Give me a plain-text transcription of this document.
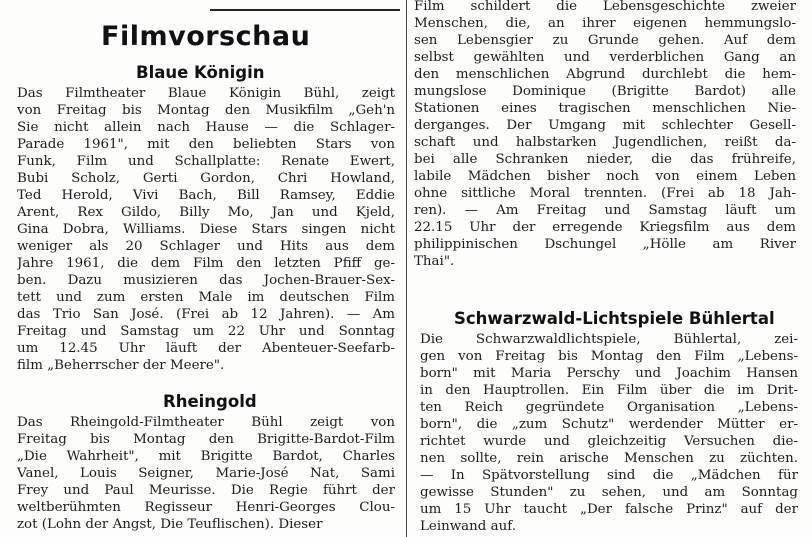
Filmvorschau
Blaue Königin
Das Filmtheater Blaue Königin Bühl, zeigt
von Freitag bis Montag den Musikfilm „Geh'n
Sie nicht allein nach Hause — die Schlager-
Parade 1961", mit den beliebten Stars von
Funk, Film und Schallplatte: Renate Ewert,
Bubi Scholz, Gerti Gordon, Chri Howland,
Ted Herold, Vivi Bach, Bill Ramsey, Eddie
Arent, Rex Gildo, Billy Mo, Jan und Kjeld,
Gina Dobra, Williams. Diese Stars singen nicht
weniger als 20 Schlager und Hits aus dem
Jahre 1961, die dem Film den letzten Pfiff ge-
ben. Dazu musizieren das Jochen-Brauer-Sex-
tett und zum ersten Male im deutschen Film
das Trio San José. (Frei ab 12 Jahren). — Am
Freitag und Samstag um 22 Uhr und Sonntag
um 12.45 Uhr läuft der Abenteuer-Seefarb-
film „Beherrscher der Meere".
Rheingold
Das Rheingold-Filmtheater Bühl zeigt von
Freitag bis Montag den Brigitte-Bardot-Film
„Die Wahrheit", mit Brigitte Bardot, Charles
Vanel, Louis Seigner, Marie-José Nat, Sami
Frey und Paul Meurisse. Die Regie führt der
weltberühmten Regisseur Henri-Georges Clou-
zot (Lohn der Angst, Die Teuflischen). Dieser
Film schildert die Lebensgeschichte zweier
Menschen, die, an ihrer eigenen hemmungslo-
sen Lebensgier zu Grunde gehen. Auf dem
selbst gewählten und verderblichen Gang an
den menschlichen Abgrund durchlebt die hem-
mungslose Dominique (Brigitte Bardot) alle
Stationen eines tragischen menschlichen Nie-
derganges. Der Umgang mit schlechter Gesell-
schaft und halbstarken Jugendlichen, reißt da-
bei alle Schranken nieder, die das frühreife,
labile Mädchen bisher noch von einem Leben
ohne sittliche Moral trennten. (Frei ab 18 Jah-
ren). — Am Freitag und Samstag läuft um
22.15 Uhr der erregende Kriegsfilm aus dem
philippinischen Dschungel „Hölle am River
Thai".
Schwarzwald-Lichtspiele Bühlertal
Die Schwarzwaldlichtspiele, Bühlertal, zei-
gen von Freitag bis Montag den Film „Lebens-
born" mit Maria Perschy und Joachim Hansen
in den Hauptrollen. Ein Film über die im Drit-
ten Reich gegründete Organisation „Lebens-
born", die „zum Schutz" werdender Mütter er-
richtet wurde und gleichzeitig Versuchen die-
nen sollte, rein arische Menschen zu züchten.
— In Spätvorstellung sind die „Mädchen für
gewisse Stunden" zu sehen, und am Sonntag
um 15 Uhr taucht „Der falsche Prinz" auf der
Leinwand auf.
